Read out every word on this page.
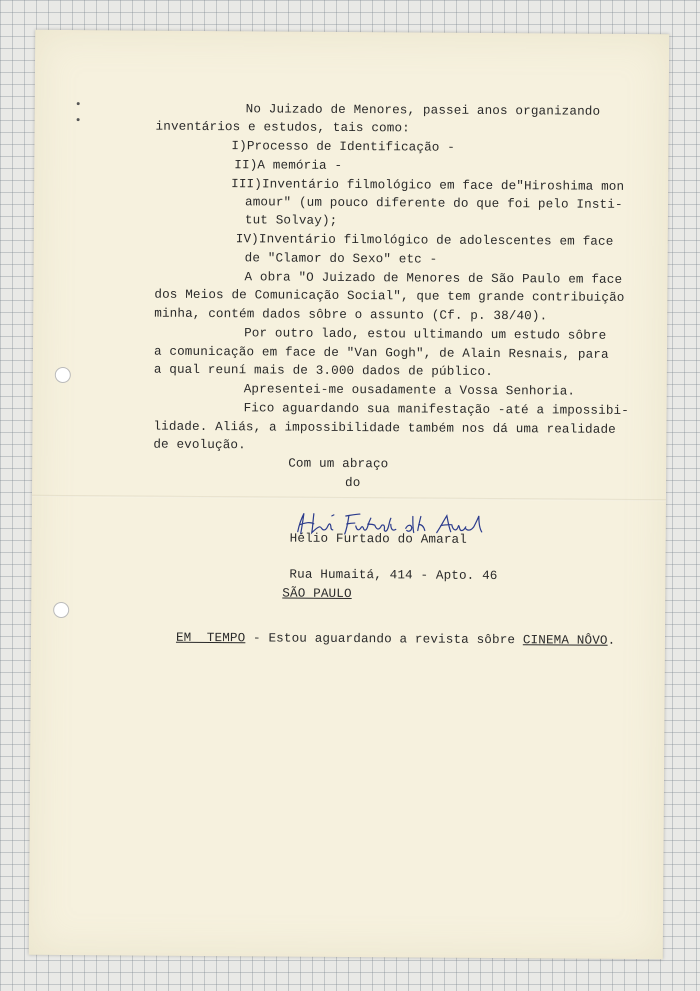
No Juizado de Menores, passei anos organizando
inventários e estudos, tais como:
I)Processo de Identificação -
II)A memória -
III)Inventário filmológico em face de"Hiroshima mon
amour" (um pouco diferente do que foi pelo Insti-
tut Solvay);
IV)Inventário filmológico de adolescentes em face
de "Clamor do Sexo" etc -
A obra "O Juizado de Menores de São Paulo em face
dos Meios de Comunicação Social", que tem grande contribuição
minha, contém dados sôbre o assunto (Cf. p. 38/40).
Por outro lado, estou ultimando um estudo sôbre
a comunicação em face de "Van Gogh", de Alain Resnais, para
a qual reuní mais de 3.000 dados de público.
Apresentei-me ousadamente a Vossa Senhoria.
Fico aguardando sua manifestação -até a impossibi-
lidade. Aliás, a impossibilidade também nos dá uma realidade
de evolução.
Com um abraço
do
Hélio Furtado do Amaral
Rua Humaitá, 414 - Apto. 46
SÃO PAULO
EM  TEMPO - Estou aguardando a revista sôbre CINEMA NÔVO.
